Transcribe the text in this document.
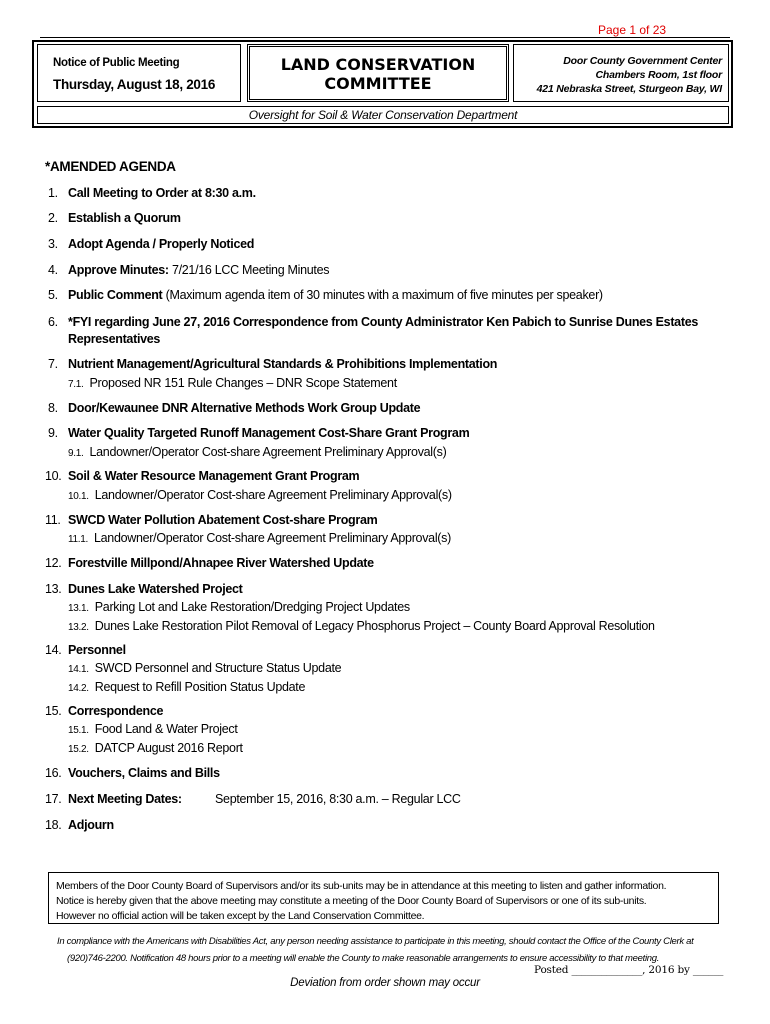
Page 1 of 23
Notice of Public Meeting
Thursday, August 18, 2016
LAND CONSERVATION
COMMITTEE
Door County Government Center
Chambers Room, 1st floor
421 Nebraska Street, Sturgeon Bay, WI
Oversight for Soil & Water Conservation Department
*AMENDED AGENDA
1. Call Meeting to Order at 8:30 a.m.
2. Establish a Quorum
3. Adopt Agenda / Properly Noticed
4. Approve Minutes: 7/21/16 LCC Meeting Minutes
5. Public Comment (Maximum agenda item of 30 minutes with a maximum of five minutes per speaker)
6. *FYI regarding June 27, 2016 Correspondence from County Administrator Ken Pabich to Sunrise Dunes Estates
Representatives
7. Nutrient Management/Agricultural Standards & Prohibitions Implementation
7.1. Proposed NR 151 Rule Changes – DNR Scope Statement
8. Door/Kewaunee DNR Alternative Methods Work Group Update
9. Water Quality Targeted Runoff Management Cost-Share Grant Program
9.1. Landowner/Operator Cost-share Agreement Preliminary Approval(s)
10. Soil & Water Resource Management Grant Program
10.1. Landowner/Operator Cost-share Agreement Preliminary Approval(s)
11. SWCD Water Pollution Abatement Cost-share Program
11.1. Landowner/Operator Cost-share Agreement Preliminary Approval(s)
12. Forestville Millpond/Ahnapee River Watershed Update
13. Dunes Lake Watershed Project
13.1. Parking Lot and Lake Restoration/Dredging Project Updates
13.2. Dunes Lake Restoration Pilot Removal of Legacy Phosphorus Project – County Board Approval Resolution
14. Personnel
14.1. SWCD Personnel and Structure Status Update
14.2. Request to Refill Position Status Update
15. Correspondence
15.1. Food Land & Water Project
15.2. DATCP August 2016 Report
16. Vouchers, Claims and Bills
17. Next Meeting Dates:	September 15, 2016, 8:30 a.m. – Regular LCC
18. Adjourn

Members of the Door County Board of Supervisors and/or its sub-units may be in attendance at this meeting to listen and gather information.

Notice is hereby given that the above meeting may constitute a meeting of the Door County Board of Supervisors or one of its sub-units.

However no official action will be taken except by the Land Conservation Committee.

In compliance with the Americans with Disabilities Act, any person needing assistance to participate in this meeting, should contact the Office of the County Clerk at
(920)746-2200. Notification 48 hours prior to a meeting will enable the County to make reasonable arrangements to ensure accessibility to that meeting.
Posted ______________, 2016 by ______
Deviation from order shown may occur
